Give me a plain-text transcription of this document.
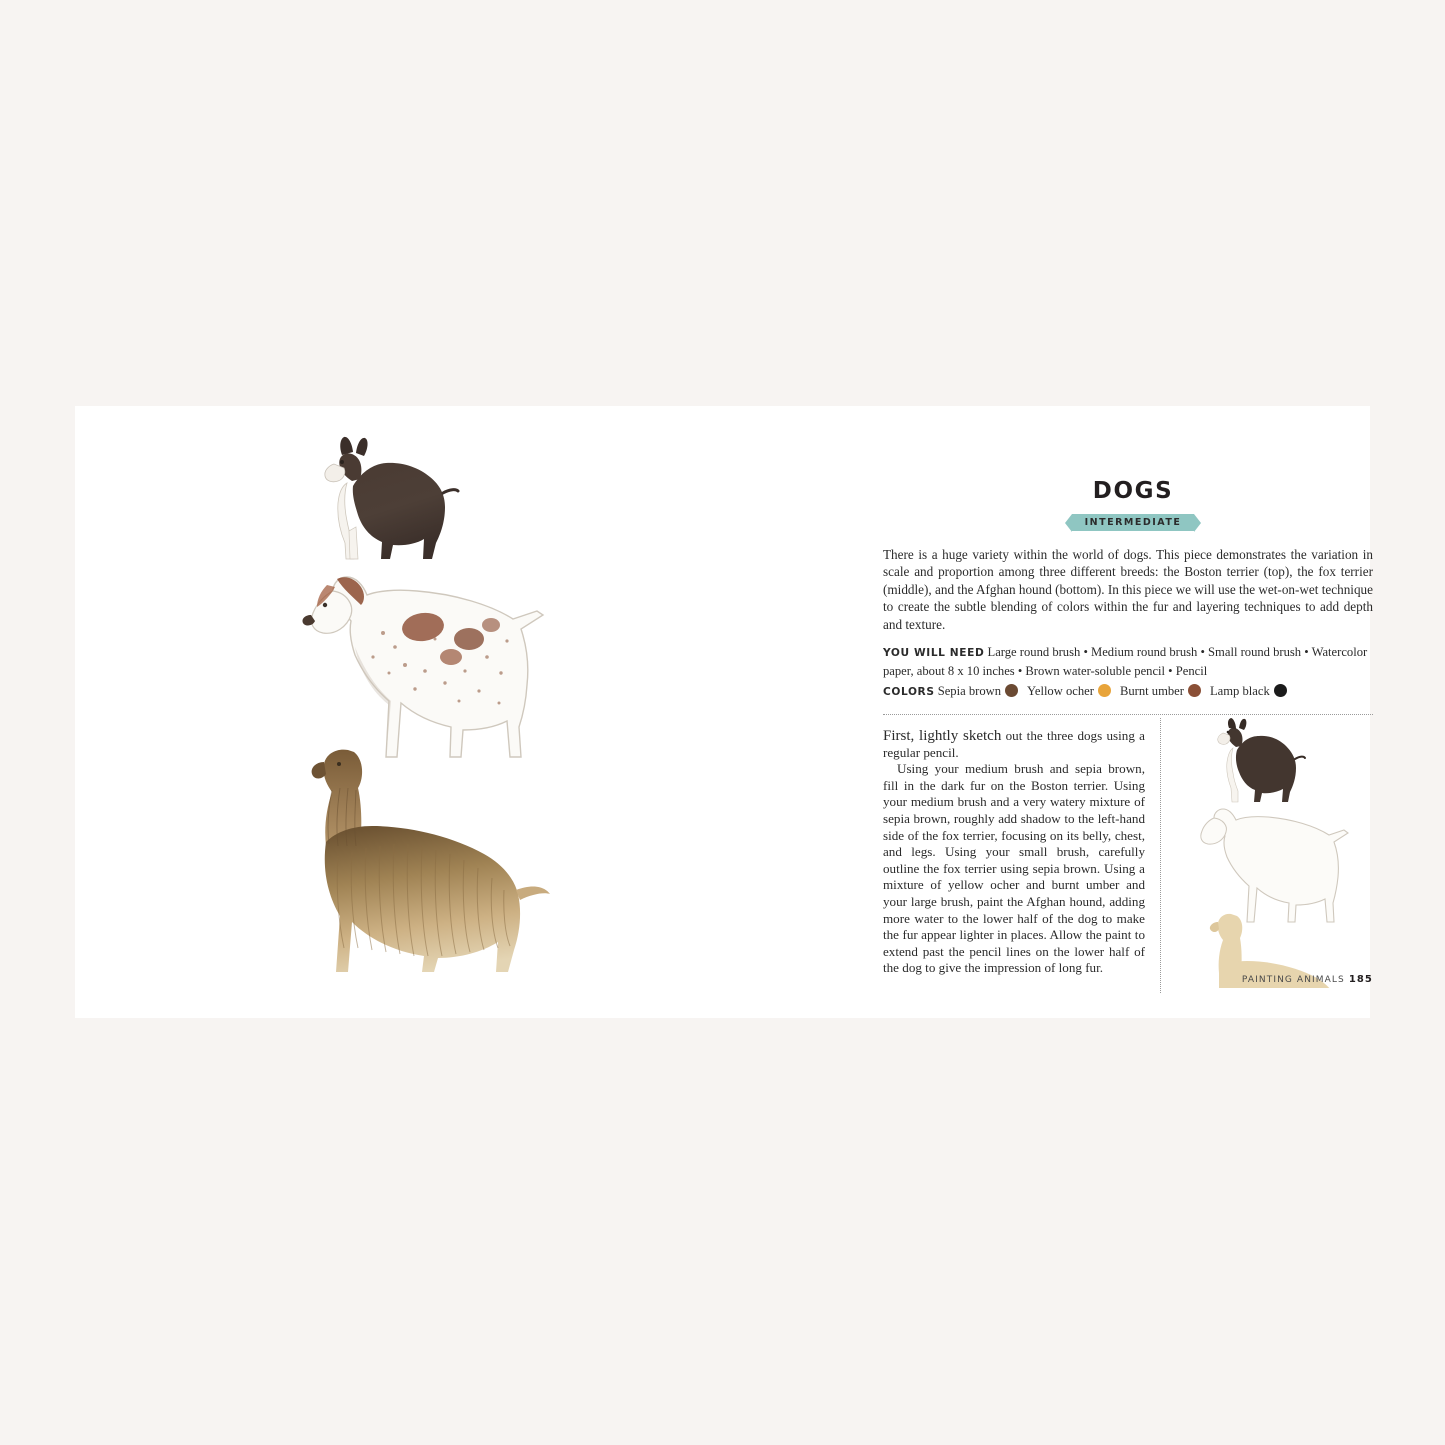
DOGS
INTERMEDIATE
There is a huge variety within the world of dogs. This piece demonstrates the variation in scale and proportion among three different breeds: the Boston terrier (top), the fox terrier (middle), and the Afghan hound (bottom). In this piece we will use the wet-on-wet technique to create the subtle blending of colors within the fur and layering techniques to add depth and texture.
YOU WILL NEED Large round brush • Medium round brush • Small round brush • Watercolor paper, about 8 x 10 inches • Brown water-soluble pencil • Pencil
COLORS Sepia brown Yellow ocher Burnt umber Lamp black

First, lightly sketch out the three dogs using a regular pencil.

Using your medium brush and sepia brown, fill in the dark fur on the Boston terrier. Using your medium brush and a very watery mixture of sepia brown, roughly add shadow to the left-hand side of the fox terrier, focusing on its belly, chest, and legs. Using your small brush, carefully outline the fox terrier using sepia brown. Using a mixture of yellow ocher and burnt umber and your large brush, paint the Afghan hound, adding more water to the lower half of the dog to make the fur appear lighter in places. Allow the paint to extend past the pencil lines on the lower half of the dog to give the impression of long fur.

PAINTING ANIMALS 185
